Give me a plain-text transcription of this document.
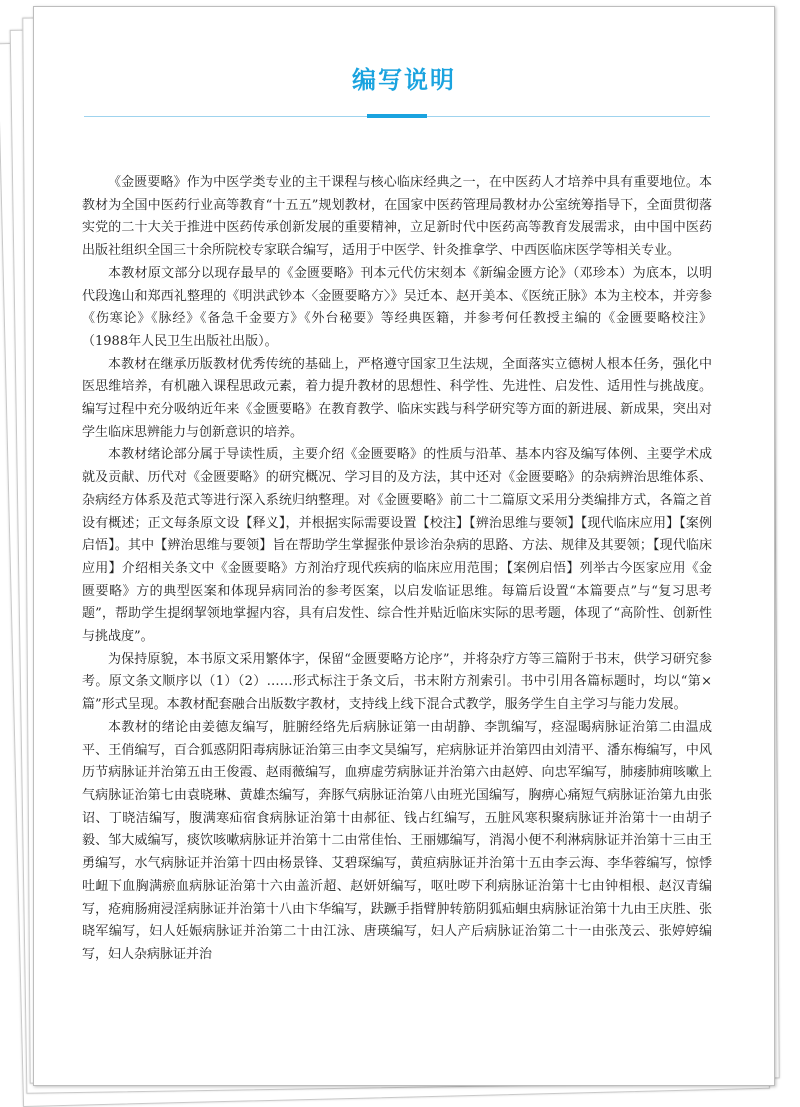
编写说明

《金匮要略》作为中医学类专业的主干课程与核心临床经典之一，在中医药人才培养中具有重要地位。本教材为全国中医药行业高等教育“十五五”规划教材，在国家中医药管理局教材办公室统筹指导下，全面贯彻落实党的二十大关于推进中医药传承创新发展的重要精神，立足新时代中医药高等教育发展需求，由中国中医药出版社组织全国三十余所院校专家联合编写，适用于中医学、针灸推拿学、中西医临床医学等相关专业。

本教材原文部分以现存最早的《金匮要略》刊本元代仿宋刻本《新编金匮方论》（邓珍本）为底本，以明代段逸山和郑西礼整理的《明洪武钞本〈金匮要略方〉》吴迁本、赵开美本、《医统正脉》本为主校本，并旁参《伤寒论》《脉经》《备急千金要方》《外台秘要》等经典医籍，并参考何任教授主编的《金匮要略校注》（1988年人民卫生出版社出版）。

本教材在继承历版教材优秀传统的基础上，严格遵守国家卫生法规，全面落实立德树人根本任务，强化中医思维培养，有机融入课程思政元素，着力提升教材的思想性、科学性、先进性、启发性、适用性与挑战度。编写过程中充分吸纳近年来《金匮要略》在教育教学、临床实践与科学研究等方面的新进展、新成果，突出对学生临床思辨能力与创新意识的培养。

本教材绪论部分属于导读性质，主要介绍《金匮要略》的性质与沿革、基本内容及编写体例、主要学术成就及贡献、历代对《金匮要略》的研究概况、学习目的及方法，其中还对《金匮要略》的杂病辨治思维体系、杂病经方体系及范式等进行深入系统归纳整理。对《金匮要略》前二十二篇原文采用分类编排方式，各篇之首设有概述；正文每条原文设【释义】，并根据实际需要设置【校注】【辨治思维与要领】【现代临床应用】【案例启悟】。其中【辨治思维与要领】旨在帮助学生掌握张仲景诊治杂病的思路、方法、规律及其要领；【现代临床应用】介绍相关条文中《金匮要略》方剂治疗现代疾病的临床应用范围；【案例启悟】列举古今医家应用《金匮要略》方的典型医案和体现异病同治的参考医案，以启发临证思维。每篇后设置“本篇要点”与“复习思考题”，帮助学生提纲挈领地掌握内容，具有启发性、综合性并贴近临床实际的思考题，体现了“高阶性、创新性与挑战度”。

为保持原貌，本书原文采用繁体字，保留“金匮要略方论序”，并将杂疗方等三篇附于书末，供学习研究参考。原文条文顺序以（1）（2）……形式标注于条文后，书末附方剂索引。书中引用各篇标题时，均以“第×篇”形式呈现。本教材配套融合出版数字教材，支持线上线下混合式教学，服务学生自主学习与能力发展。

本教材的绪论由姜德友编写，脏腑经络先后病脉证第一由胡静、李凯编写，痉湿暍病脉证治第二由温成平、王俏编写，百合狐惑阴阳毒病脉证治第三由李文昊编写，疟病脉证并治第四由刘清平、潘东梅编写，中风历节病脉证并治第五由王俊霞、赵雨薇编写，血痹虚劳病脉证并治第六由赵婷、向忠军编写，肺痿肺痈咳嗽上气病脉证治第七由袁晓琳、黄雄杰编写，奔豚气病脉证治第八由班光国编写，胸痹心痛短气病脉证治第九由张诏、丁晓洁编写，腹满寒疝宿食病脉证治第十由郝征、钱占红编写，五脏风寒积聚病脉证并治第十一由胡子毅、邹大威编写，痰饮咳嗽病脉证并治第十二由常佳怡、王丽娜编写，消渴小便不利淋病脉证并治第十三由王勇编写，水气病脉证并治第十四由杨景锋、艾碧琛编写，黄疸病脉证并治第十五由李云海、李华蓉编写，惊悸吐衄下血胸满瘀血病脉证治第十六由盖沂超、赵妍妍编写，呕吐哕下利病脉证治第十七由钟相根、赵汉青编写，疮痈肠痈浸淫病脉证并治第十八由卞华编写，趺蹶手指臂肿转筋阴狐疝蛔虫病脉证治第十九由王庆胜、张晓军编写，妇人妊娠病脉证并治第二十由江泳、唐瑛编写，妇人产后病脉证治第二十一由张茂云、张婷婷编写，妇人杂病脉证并治
